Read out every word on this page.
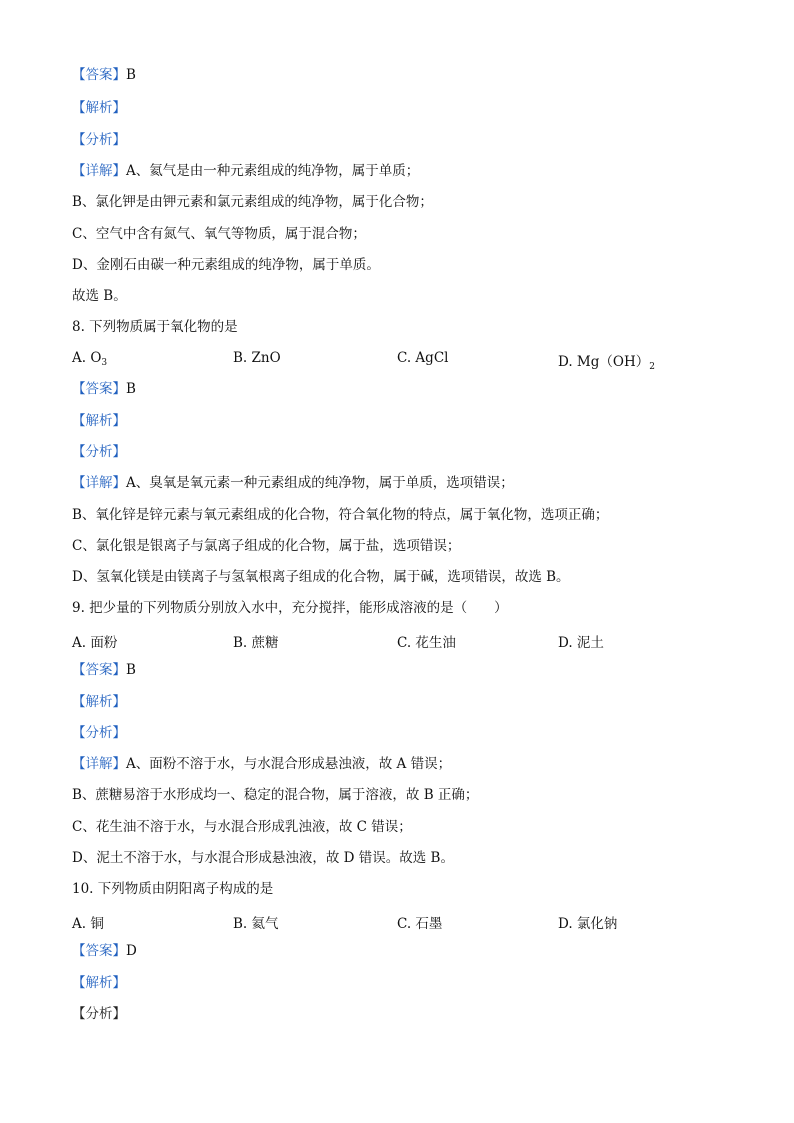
【答案】B
【解析】
【分析】
【详解】A、氦气是由一种元素组成的纯净物，属于单质；
B、氯化钾是由钾元素和氯元素组成的纯净物，属于化合物；
C、空气中含有氮气、氧气等物质，属于混合物；
D、金刚石由碳一种元素组成的纯净物，属于单质。
故选 B。
8. 下列物质属于氧化物的是
A. $O_3$	B. ZnO	C. AgCl	D. $Mg(OH)_2$
【答案】B
【解析】
【分析】
【详解】A、臭氧是氧元素一种元素组成的纯净物，属于单质，选项错误；
B、氧化锌是锌元素与氧元素组成的化合物，符合氧化物的特点，属于氧化物，选项正确；
C、氯化银是银离子与氯离子组成的化合物，属于盐，选项错误；
D、氢氧化镁是由镁离子与氢氧根离子组成的化合物，属于碱，选项错误，故选 B。
9. 把少量的下列物质分别放入水中，充分搅拌，能形成溶液的是（　　）
A. 面粉	B. 蔗糖	C. 花生油	D. 泥土
【答案】B
【解析】
【分析】
【详解】A、面粉不溶于水，与水混合形成悬浊液，故 A 错误；
B、蔗糖易溶于水形成均一、稳定的混合物，属于溶液，故 B 正确；
C、花生油不溶于水，与水混合形成乳浊液，故 C 错误；
D、泥土不溶于水，与水混合形成悬浊液，故 D 错误。故选 B。
10. 下列物质由阴阳离子构成的是
A. 铜	B. 氦气	C. 石墨	D. 氯化钠
【答案】D
【解析】
【分析】
